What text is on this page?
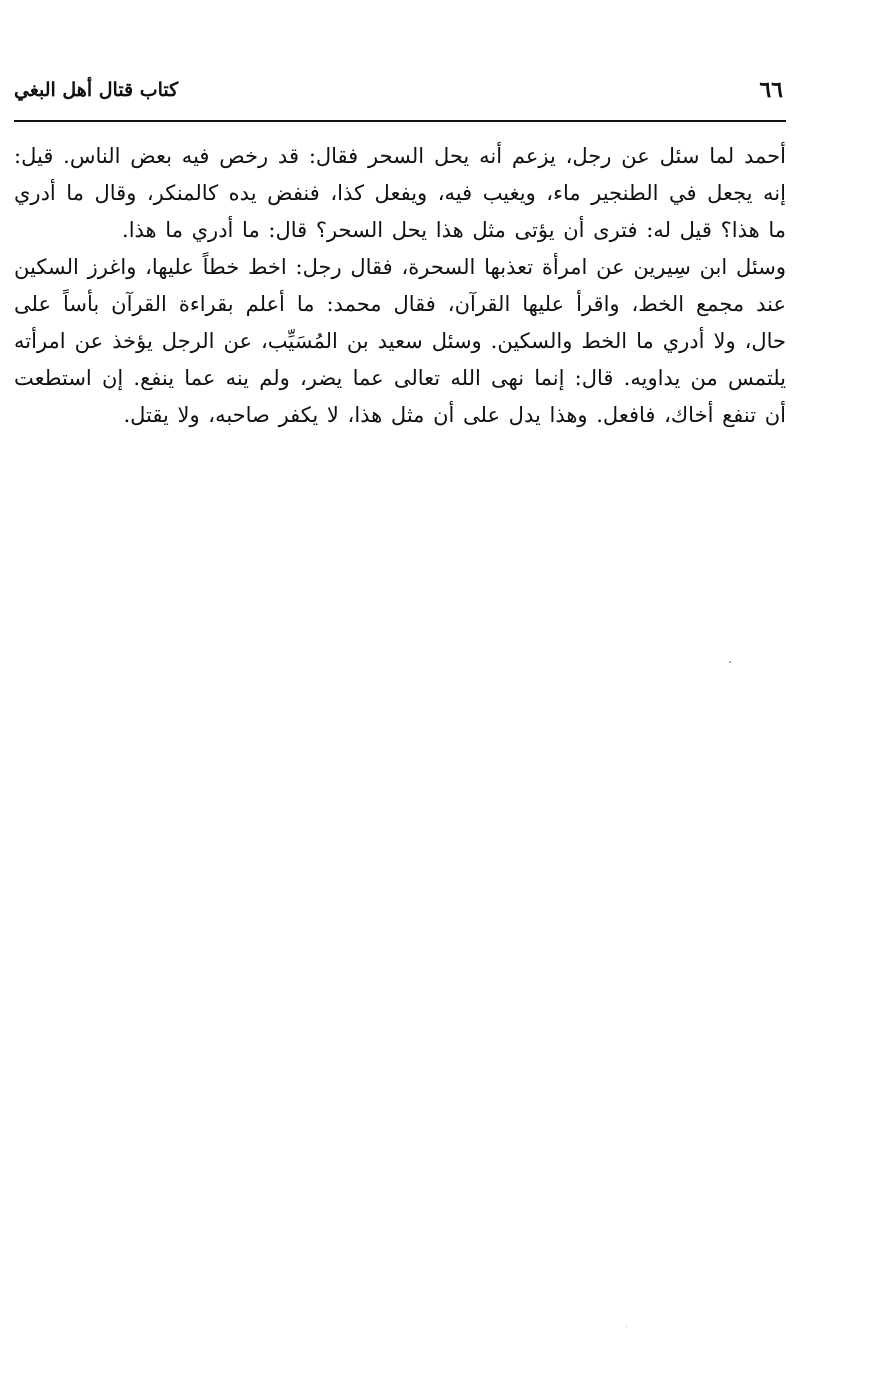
٦٦
كتاب قتال أهل البغي

أحمد لما سئل عن رجل، يزعم أنه يحل السحر فقال: قد رخص فيه بعض الناس. قيل: إنه يجعل في الطنجير ماء، ويغيب فيه، ويفعل كذا، فنفض يده كالمنكر، وقال ما أدري ما هذا؟ قيل له: فترى أن يؤتى مثل هذا يحل السحر؟ قال: ما أدري ما هذا.

وسئل ابن سِيرين عن امرأة تعذبها السحرة، فقال رجل: اخط خطاً عليها، واغرز السكين عند مجمع الخط، واقرأ عليها القرآن، فقال محمد: ما أعلم بقراءة القرآن بأساً على حال، ولا أدري ما الخط والسكين. وسئل سعيد بن المُسَيِّب، عن الرجل يؤخذ عن امرأته يلتمس من يداويه. قال: إنما نهى الله تعالى عما يضر، ولم ينه عما ينفع. إن استطعت أن تنفع أخاك، فافعل. وهذا يدل على أن مثل هذا، لا يكفر صاحبه، ولا يقتل.
